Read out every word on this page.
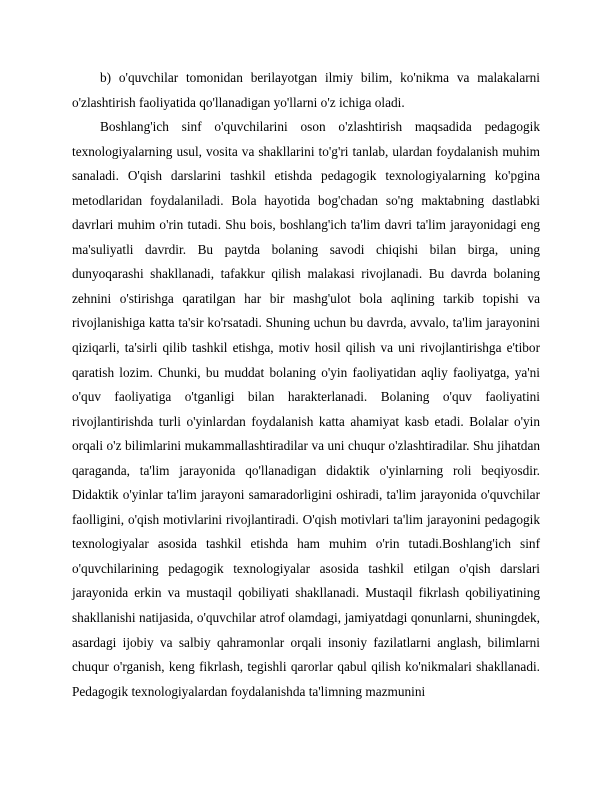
b) o'quvchilar tomonidan berilayotgan ilmiy bilim, ko'nikma va malakalarni o'zlashtirish faoliyatida qo'llanadigan yo'llarni o'z ichiga oladi.

Boshlang'ich sinf o'quvchilarini oson o'zlashtirish maqsadida pedagogik texnologiyalarning usul, vosita va shakllarini to'g'ri tanlab, ulardan foydalanish muhim sanaladi. O'qish darslarini tashkil etishda pedagogik texnologiyalarning ko'pgina metodlaridan foydalaniladi. Bola hayotida bog'chadan so'ng maktabning dastlabki davrlari muhim o'rin tutadi. Shu bois, boshlang'ich ta'lim davri ta'lim jarayonidagi eng ma'suliyatli davrdir. Bu paytda bolaning savodi chiqishi bilan birga, uning dunyoqarashi shakllanadi, tafakkur qilish malakasi rivojlanadi. Bu davrda bolaning zehnini o'stirishga qaratilgan har bir mashg'ulot bola aqlining tarkib topishi va rivojlanishiga katta ta'sir ko'rsatadi. Shuning uchun bu davrda, avvalo, ta'lim jarayonini qiziqarli, ta'sirli qilib tashkil etishga, motiv hosil qilish va uni rivojlantirishga e'tibor qaratish lozim. Chunki, bu muddat bolaning o'yin faoliyatidan aqliy faoliyatga, ya'ni o'quv faoliyatiga o'tganligi bilan harakterlanadi. Bolaning o'quv faoliyatini rivojlantirishda turli o'yinlardan foydalanish katta ahamiyat kasb etadi. Bolalar o'yin orqali o'z bilimlarini mukammallashtiradilar va uni chuqur o'zlashtiradilar. Shu jihatdan qaraganda, ta'lim jarayonida qo'llanadigan didaktik o'yinlarning roli beqiyosdir. Didaktik o'yinlar ta'lim jarayoni samaradorligini oshiradi, ta'lim jarayonida o'quvchilar faolligini, o'qish motivlarini rivojlantiradi. O'qish motivlari ta'lim jarayonini pedagogik texnologiyalar asosida tashkil etishda ham muhim o'rin tutadi.Boshlang'ich sinf o'quvchilarining pedagogik texnologiyalar asosida tashkil etilgan o'qish darslari jarayonida erkin va mustaqil qobiliyati shakllanadi. Mustaqil fikrlash qobiliyatining shakllanishi natijasida, o'quvchilar atrof olamdagi, jamiyatdagi qonunlarni, shuningdek, asardagi ijobiy va salbiy qahramonlar orqali insoniy fazilatlarni anglash, bilimlarni chuqur o'rganish, keng fikrlash, tegishli qarorlar qabul qilish ko'nikmalari shakllanadi. Pedagogik texnologiyalardan foydalanishda ta'limning mazmunini
